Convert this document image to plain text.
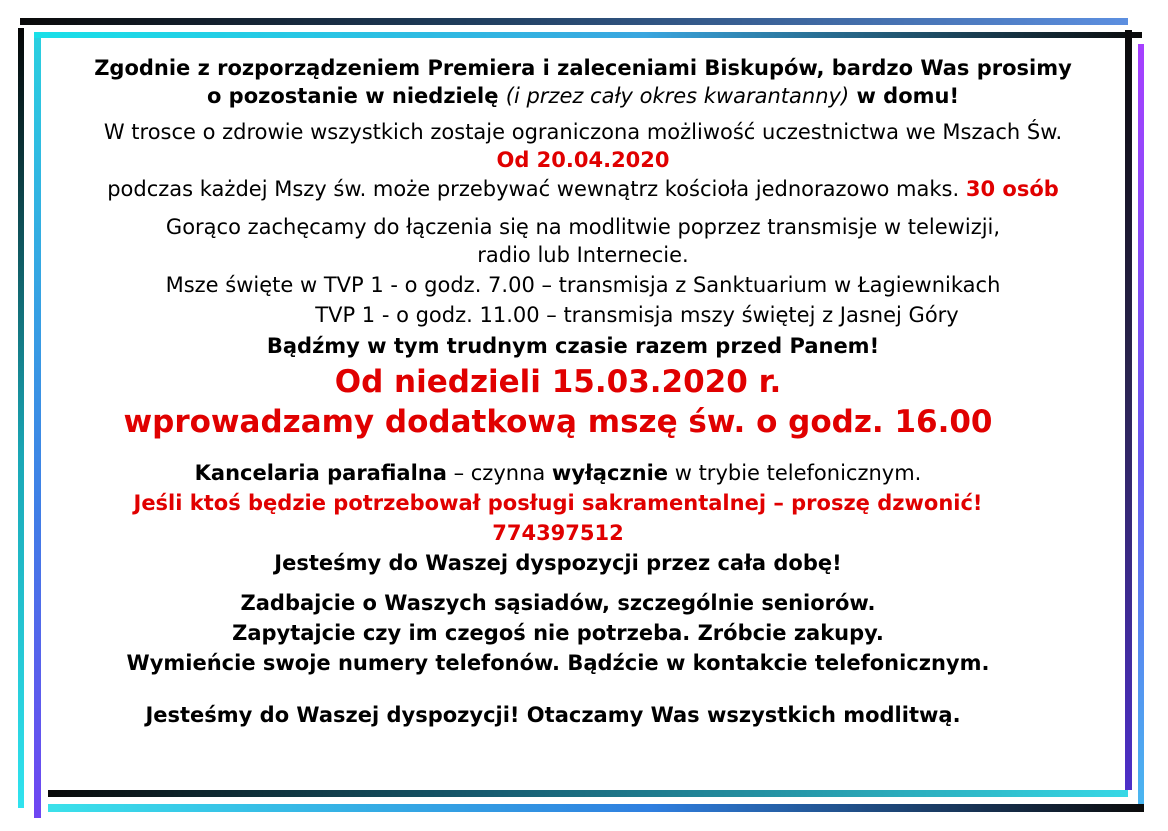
Zgodnie z rozporządzeniem Premiera i zaleceniami Biskupów, bardzo Was prosimy

o pozostanie w niedzielę (i przez cały okres kwarantanny) w domu!

W trosce o zdrowie wszystkich zostaje ograniczona możliwość uczestnictwa we Mszach Św.

Od 20.04.2020

podczas każdej Mszy św. może przebywać wewnątrz kościoła jednorazowo maks. 30 osób

Gorąco zachęcamy do łączenia się na modlitwie poprzez transmisje w telewizji,

radio lub Internecie.

Msze święte w TVP 1 - o godz. 7.00 – transmisja z Sanktuarium w Łagiewnikach

TVP 1 - o godz. 11.00 – transmisja mszy świętej z Jasnej Góry

Bądźmy w tym trudnym czasie razem przed Panem!

Od niedzieli 15.03.2020 r.

wprowadzamy dodatkową mszę św. o godz. 16.00

Kancelaria parafialna – czynna wyłącznie w trybie telefonicznym.

Jeśli ktoś będzie potrzebował posługi sakramentalnej – proszę dzwonić!

774397512

Jesteśmy do Waszej dyspozycji przez cała dobę!

Zadbajcie o Waszych sąsiadów, szczególnie seniorów.

Zapytajcie czy im czegoś nie potrzeba. Zróbcie zakupy.

Wymieńcie swoje numery telefonów. Bądźcie w kontakcie telefonicznym.

Jesteśmy do Waszej dyspozycji! Otaczamy Was wszystkich modlitwą.
